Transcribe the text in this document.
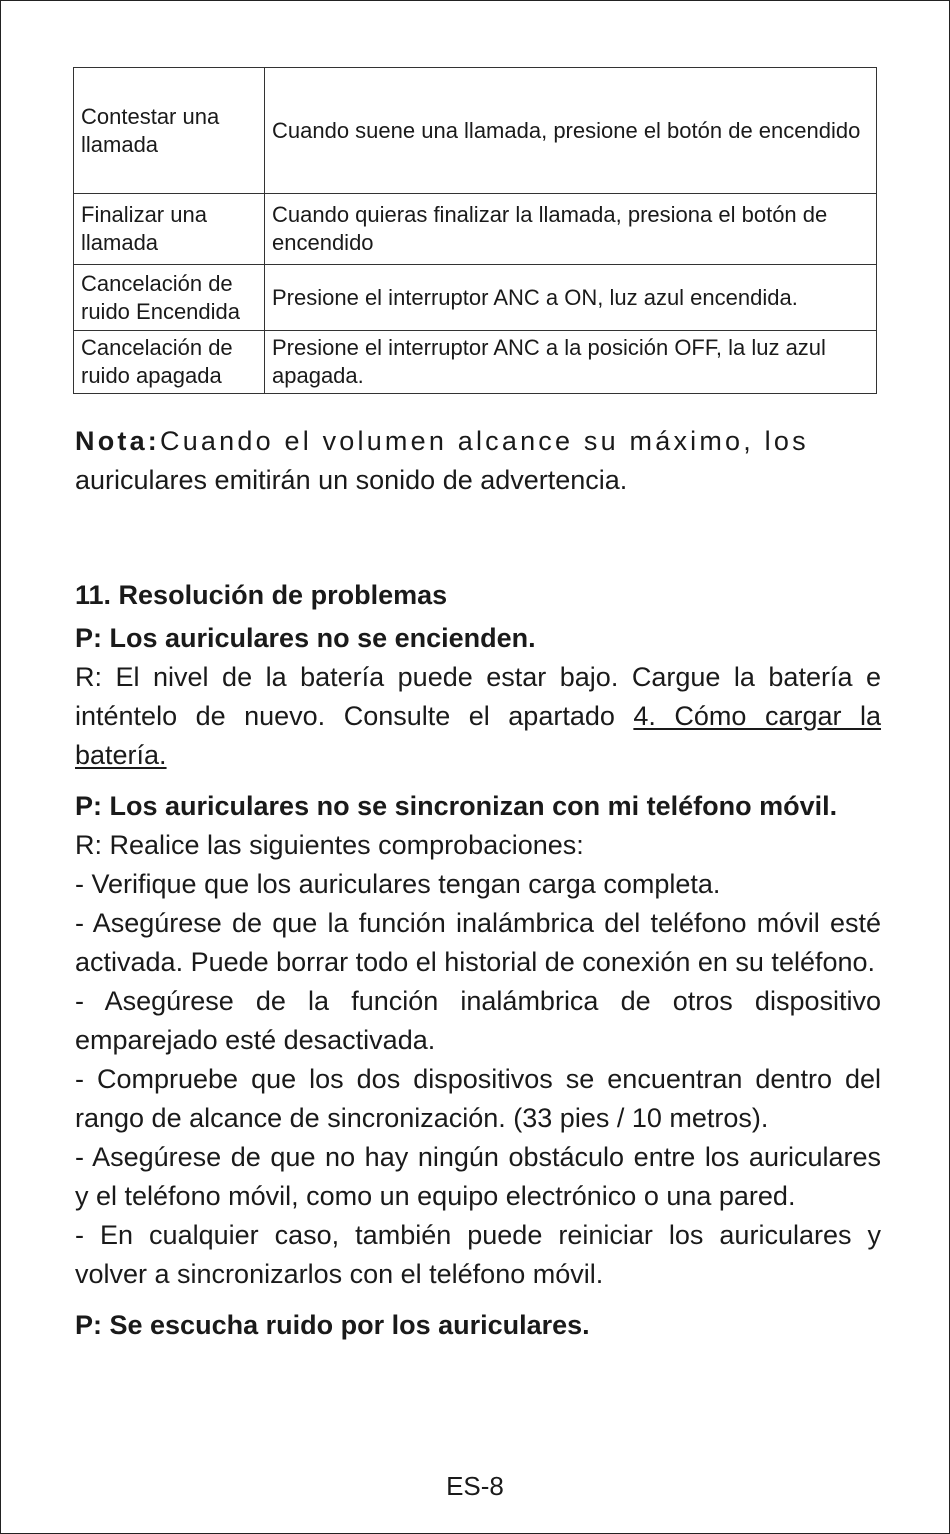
Contestar una llamada	Cuando suene una llamada, presione el botón de encendido
Finalizar una llamada	Cuando quieras finalizar la llamada, presiona el botón de encendido
Cancelación de ruido Encendida	Presione el interruptor ANC a ON, luz azul encendida.
Cancelación de ruido apagada	Presione el interruptor ANC a la posición OFF, la luz azul apagada.
Nota:Cuando el volumen alcance su máximo, los
auriculares emitirán un sonido de advertencia.

11. Resolución de problemas

P: Los auriculares no se encienden.

R: El nivel de la batería puede estar bajo. Cargue la batería e inténtelo de nuevo. Consulte el apartado 4. Cómo cargar la batería.

P: Los auriculares no se sincronizan con mi teléfono móvil.

R: Realice las siguientes comprobaciones:

- Verifique que los auriculares tengan carga completa.

- Asegúrese de que la función inalámbrica del teléfono móvil esté activada. Puede borrar todo el historial de conexión en su teléfono.

- Asegúrese de la función inalámbrica de otros dispositivo emparejado esté desactivada.

- Compruebe que los dos dispositivos se encuentran dentro del rango de alcance de sincronización. (33 pies / 10 metros).

- Asegúrese de que no hay ningún obstáculo entre los auriculares y el teléfono móvil, como un equipo electrónico o una pared.

- En cualquier caso, también puede reiniciar los auriculares y volver a sincronizarlos con el teléfono móvil.

P: Se escucha ruido por los auriculares.

ES-8
